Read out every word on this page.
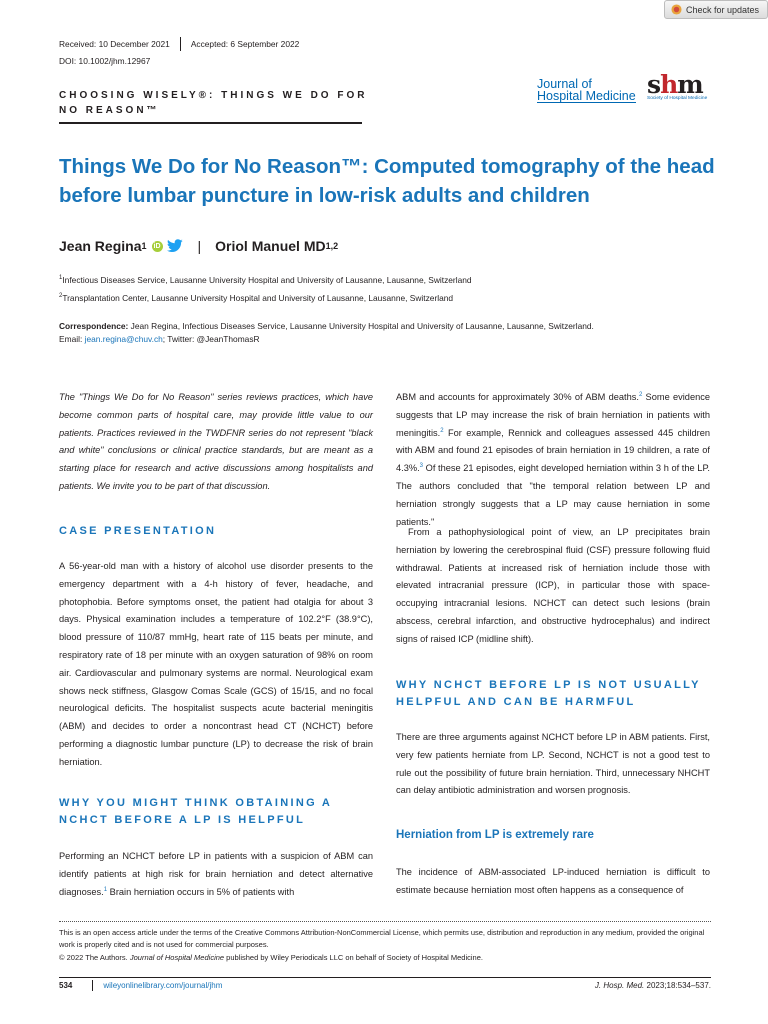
Check for updates
Received: 10 December 2021	Accepted: 6 September 2022
DOI: 10.1002/jhm.12967
CHOOSING WISELY®: THINGS WE DO FOR NO REASON™
Journal of
Hospital Medicine shm
Society of Hospital Medicine
Things We Do for No Reason™: Computed tomography of the head before lumbar puncture in low-risk adults and children
Jean Regina 1 iD	| Oriol Manuel MD 1,2
$^1$Infectious Diseases Service, Lausanne University Hospital and University of Lausanne, Lausanne, Switzerland
$^2$Transplantation Center, Lausanne University Hospital and University of Lausanne, Lausanne, Switzerland
Correspondence: Jean Regina, Infectious Diseases Service, Lausanne University Hospital and University of Lausanne, Lausanne, Switzerland.
Email: jean.regina@chuv.ch; Twitter: @JeanThomasR

The "Things We Do for No Reason" series reviews practices, which have become common parts of hospital care, may provide little value to our patients. Practices reviewed in the TWDFNR series do not represent "black and white" conclusions or clinical practice standards, but are meant as a starting place for research and active discussions among hospitalists and patients. We invite you to be part of that discussion.

CASE PRESENTATION
A 56-year-old man with a history of alcohol use disorder presents to the emergency department with a 4-h history of fever, headache, and photophobia. Before symptoms onset, the patient had otalgia for about 3 days. Physical examination includes a temperature of 102.2°F (38.9°C), blood pressure of 110/87 mmHg, heart rate of 115 beats per minute, and respiratory rate of 18 per minute with an oxygen saturation of 98% on room air. Cardiovascular and pulmonary systems are normal. Neurological exam shows neck stiffness, Glasgow Comas Scale (GCS) of 15/15, and no focal neurological deficits. The hospitalist suspects acute bacterial meningitis (ABM) and decides to order a noncontrast head CT (NCHCT) before performing a diagnostic lumbar puncture (LP) to decrease the risk of brain herniation.
WHY YOU MIGHT THINK OBTAINING A NCHCT BEFORE A LP IS HELPFUL
Performing an NCHCT before LP in patients with a suspicion of ABM can identify patients at high risk for brain herniation and detect alternative diagnoses.$^1$ Brain herniation occurs in 5% of patients with
ABM and accounts for approximately 30% of ABM deaths.$^2$ Some evidence suggests that LP may increase the risk of brain herniation in patients with meningitis.$^2$ For example, Rennick and colleagues assessed 445 children with ABM and found 21 episodes of brain herniation in 19 children, a rate of 4.3%.$^3$ Of these 21 episodes, eight developed herniation within 3 h of the LP. The authors concluded that "the temporal relation between LP and herniation strongly suggests that a LP may cause herniation in some patients."
From a pathophysiological point of view, an LP precipitates brain herniation by lowering the cerebrospinal fluid (CSF) pressure following fluid withdrawal. Patients at increased risk of herniation include those with elevated intracranial pressure (ICP), in particular those with space-occupying intracranial lesions. NCHCT can detect such lesions (brain abscess, cerebral infarction, and obstructive hydrocephalus) and indirect signs of raised ICP (midline shift).
WHY NCHCT BEFORE LP IS NOT USUALLY HELPFUL AND CAN BE HARMFUL
There are three arguments against NCHCT before LP in ABM patients. First, very few patients herniate from LP. Second, NCHCT is not a good test to rule out the possibility of future brain herniation. Third, unnecessary NHCHT can delay antibiotic administration and worsen prognosis.
Herniation from LP is extremely rare
The incidence of ABM-associated LP-induced herniation is difficult to estimate because herniation most often happens as a consequence of
This is an open access article under the terms of the Creative Commons Attribution-NonCommercial License, which permits use, distribution and reproduction in any medium, provided the original work is properly cited and is not used for commercial purposes.
© 2022 The Authors. Journal of Hospital Medicine published by Wiley Periodicals LLC on behalf of Society of Hospital Medicine.
534	wileyonlinelibrary.com/journal/jhm	J. Hosp. Med. 2023;18:534–537.
